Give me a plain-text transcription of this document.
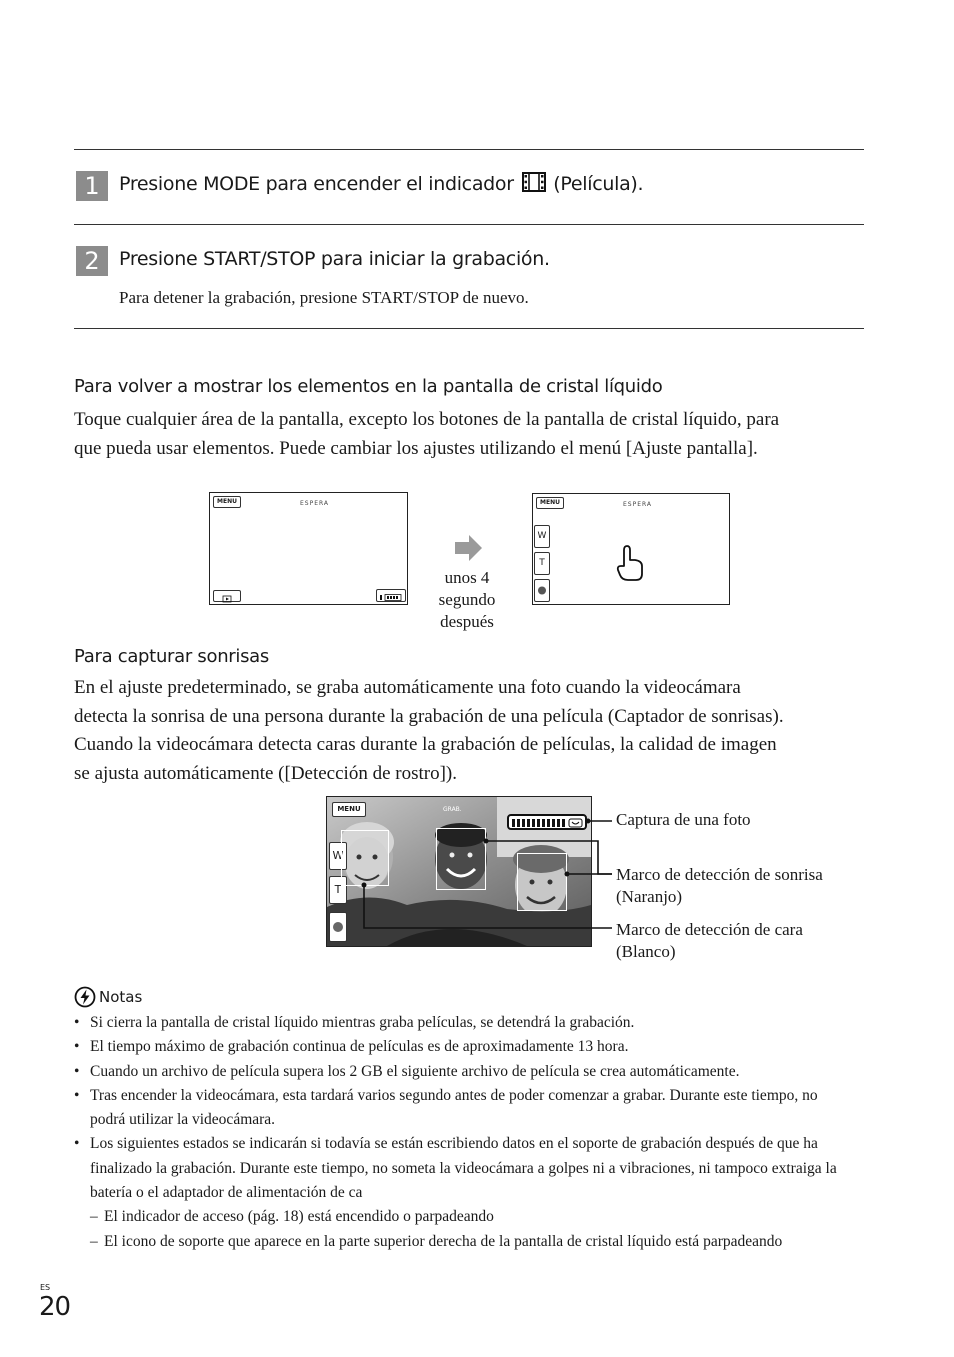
1	Presione MODE para encender el indicador (Película).
2	Presione START/STOP para iniciar la grabación.
Para detener la grabación, presione START/STOP de nuevo.
Para volver a mostrar los elementos en la pantalla de cristal líquido
Toque cualquier área de la pantalla, excepto los botones de la pantalla de cristal líquido, para
que pueda usar elementos. Puede cambiar los ajustes utilizando el menú [Ajuste pantalla].
MENU	ESPERA
unos 4
segundo
después
MENU	ESPERA
W
T
Para capturar sonrisas
En el ajuste predeterminado, se graba automáticamente una foto cuando la videocámara
detecta la sonrisa de una persona durante la grabación de una película (Captador de sonrisas).
Cuando la videocámara detecta caras durante la grabación de películas, la calidad de imagen
se ajusta automáticamente ([Detección de rostro]).
MENU	GRAB.
W
T
Captura de una foto
Marco de detección de sonrisa
(Naranjo)
Marco de detección de cara
(Blanco)
Notas
• Si cierra la pantalla de cristal líquido mientras graba películas, se detendrá la grabación.
• El tiempo máximo de grabación continua de películas es de aproximadamente 13 hora.
• Cuando un archivo de película supera los 2 GB el siguiente archivo de película se crea automáticamente.
• Tras encender la videocámara, esta tardará varios segundo antes de poder comenzar a grabar. Durante este tiempo, no podrá utilizar la videocámara.
• Los siguientes estados se indicarán si todavía se están escribiendo datos en el soporte de grabación después de que ha finalizado la grabación. Durante este tiempo, no someta la videocámara a golpes ni a vibraciones, ni tampoco extraiga la batería o el adaptador de alimentación de ca
– El indicador de acceso (pág. 18) está encendido o parpadeando
– El icono de soporte que aparece en la parte superior derecha de la pantalla de cristal líquido está parpadeando
ES
20
